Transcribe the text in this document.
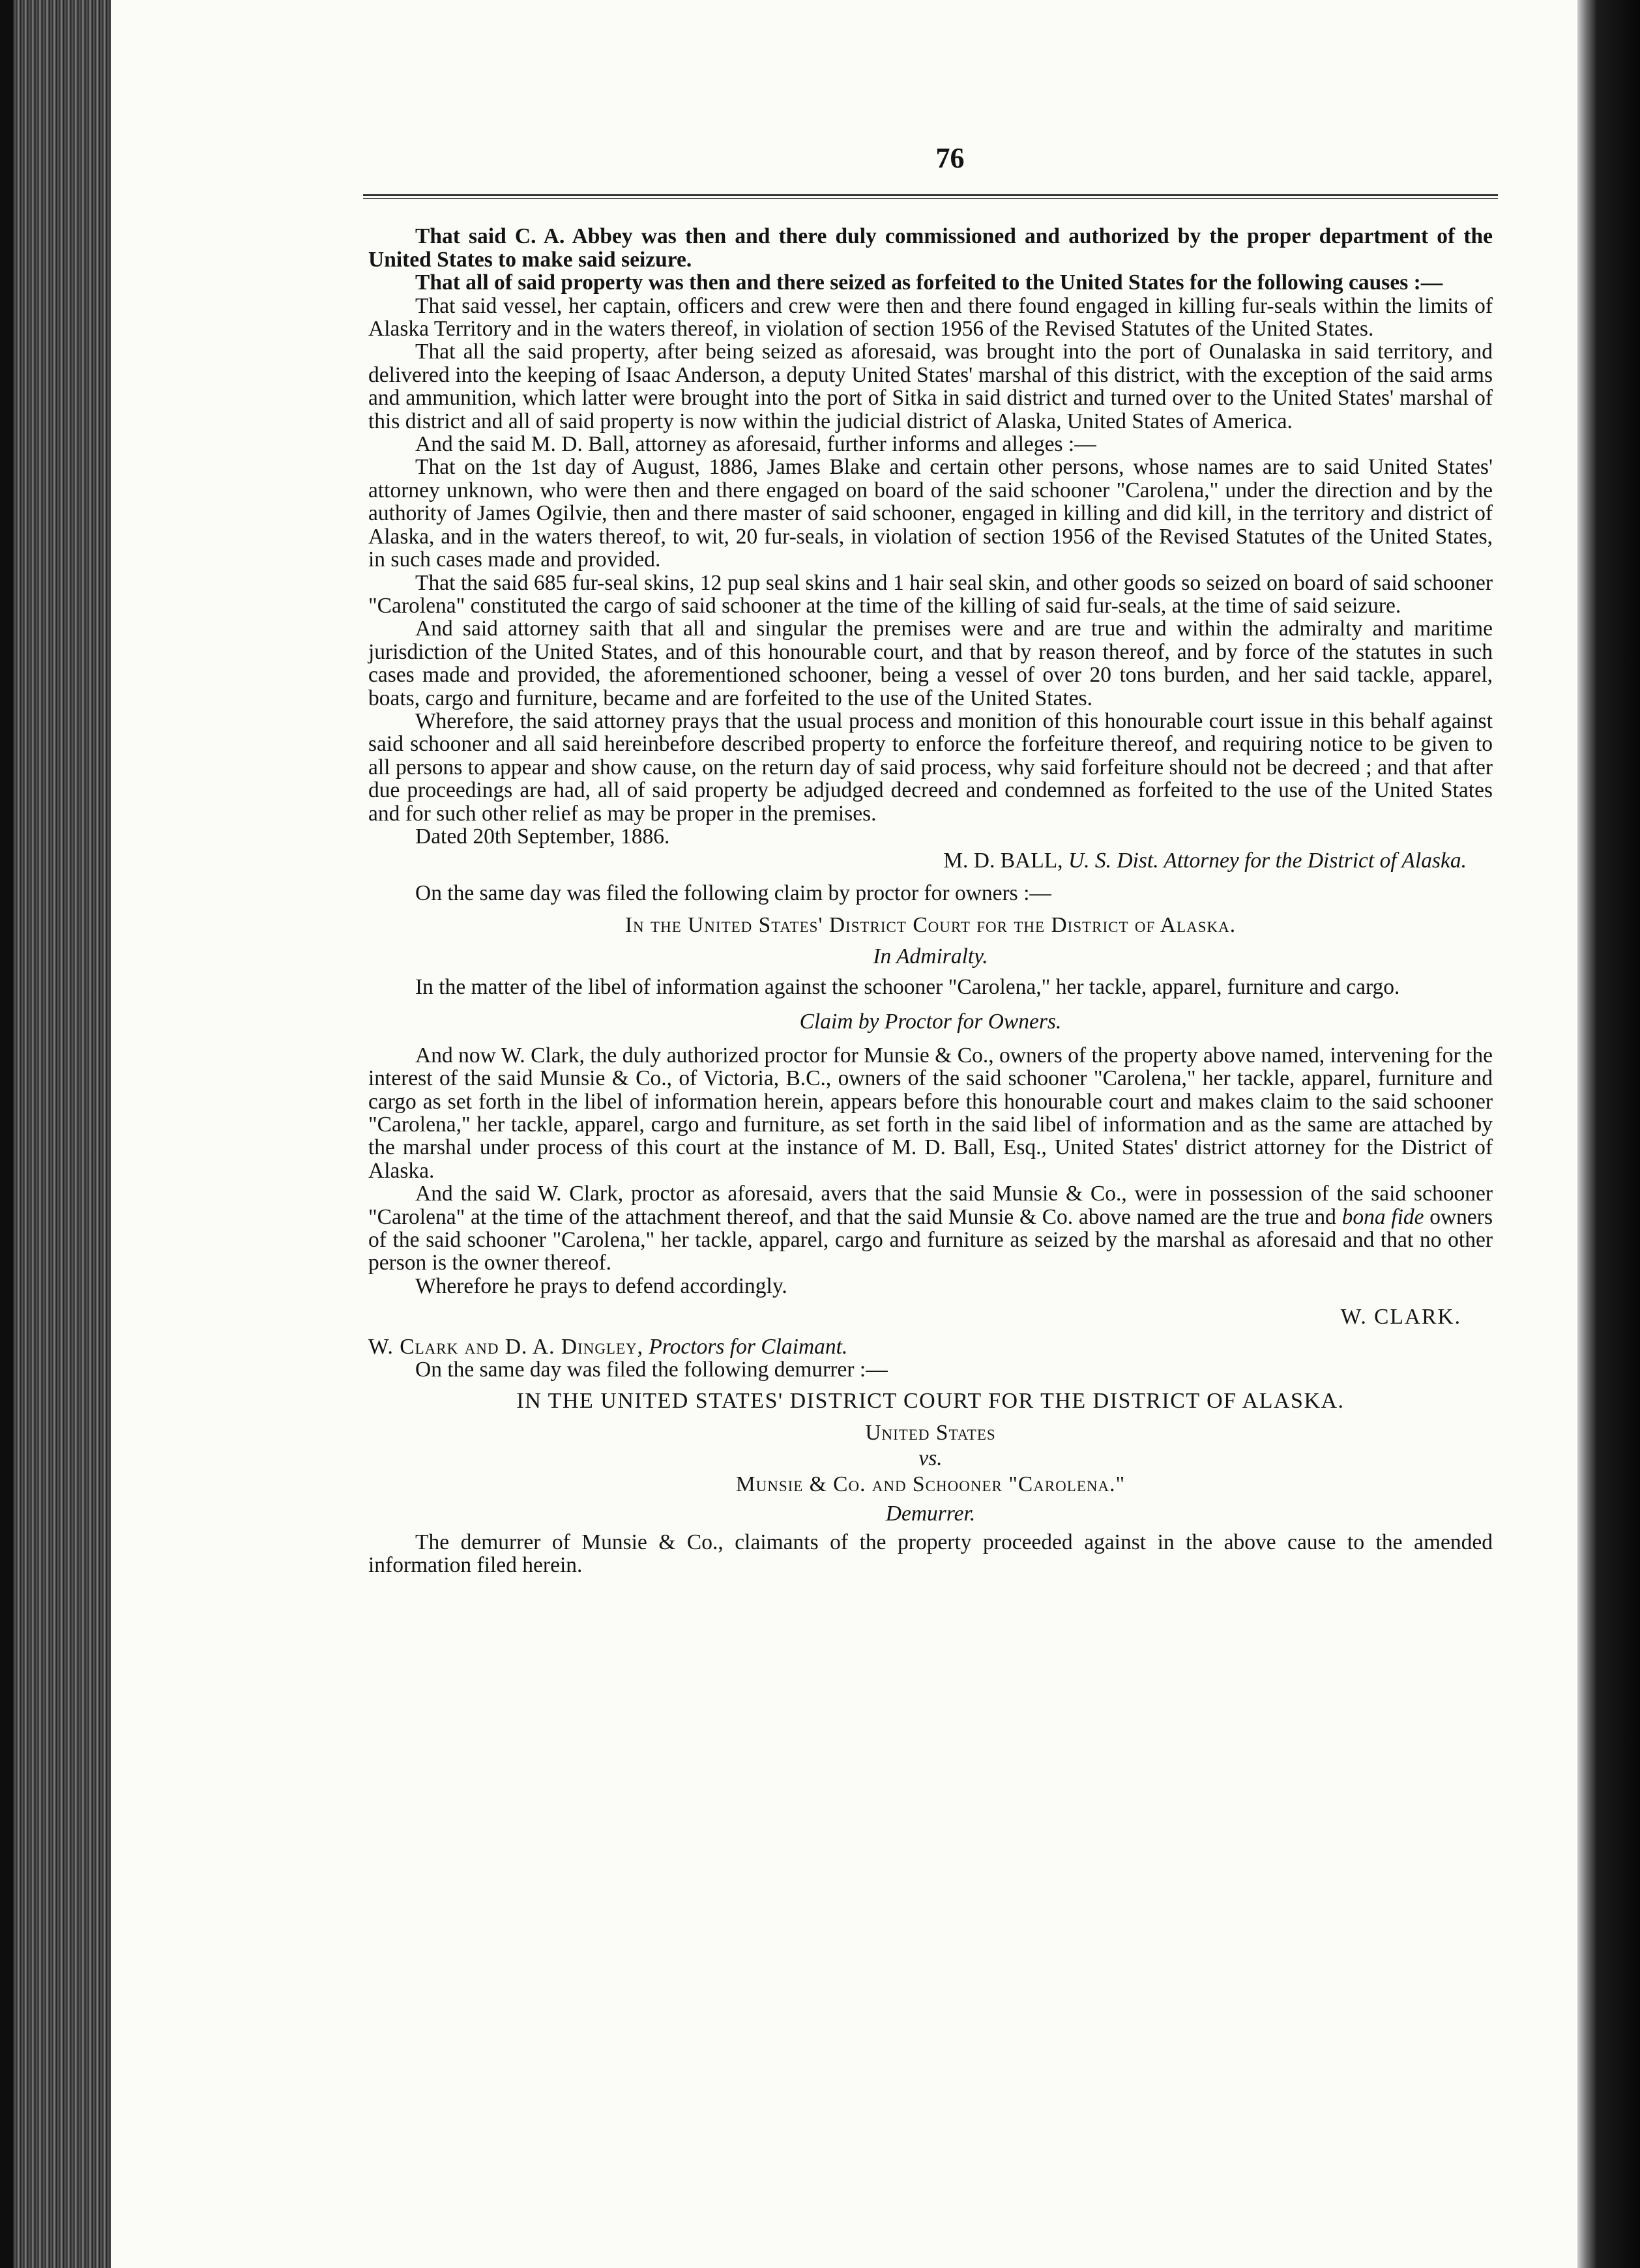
76

That said C. A. Abbey was then and there duly commissioned and authorized by the proper department of the United States to make said seizure.

That all of said property was then and there seized as forfeited to the United States for the following causes :—

That said vessel, her captain, officers and crew were then and there found engaged in killing fur-seals within the limits of Alaska Territory and in the waters thereof, in violation of section 1956 of the Revised Statutes of the United States.

That all the said property, after being seized as aforesaid, was brought into the port of Ounalaska in said territory, and delivered into the keeping of Isaac Anderson, a deputy United States' marshal of this district, with the exception of the said arms and ammunition, which latter were brought into the port of Sitka in said district and turned over to the United States' marshal of this district and all of said property is now within the judicial district of Alaska, United States of America.

And the said M. D. Ball, attorney as aforesaid, further informs and alleges :—

That on the 1st day of August, 1886, James Blake and certain other persons, whose names are to said United States' attorney unknown, who were then and there engaged on board of the said schooner "Carolena," under the direction and by the authority of James Ogilvie, then and there master of said schooner, engaged in killing and did kill, in the territory and district of Alaska, and in the waters thereof, to wit, 20 fur-seals, in violation of section 1956 of the Revised Statutes of the United States, in such cases made and provided.

That the said 685 fur-seal skins, 12 pup seal skins and 1 hair seal skin, and other goods so seized on board of said schooner "Carolena" constituted the cargo of said schooner at the time of the killing of said fur-seals, at the time of said seizure.

And said attorney saith that all and singular the premises were and are true and within the admiralty and maritime jurisdiction of the United States, and of this honourable court, and that by reason thereof, and by force of the statutes in such cases made and provided, the aforementioned schooner, being a vessel of over 20 tons burden, and her said tackle, apparel, boats, cargo and furniture, became and are forfeited to the use of the United States.

Wherefore, the said attorney prays that the usual process and monition of this honourable court issue in this behalf against said schooner and all said hereinbefore described property to enforce the forfeiture thereof, and requiring notice to be given to all persons to appear and show cause, on the return day of said process, why said forfeiture should not be decreed ; and that after due proceedings are had, all of said property be adjudged decreed and condemned as forfeited to the use of the United States and for such other relief as may be proper in the premises.

Dated 20th September, 1886.

M. D. BALL, U. S. Dist. Attorney for the District of Alaska.

On the same day was filed the following claim by proctor for owners :—

In the United States' District Court for the District of Alaska.
In Admiralty.

In the matter of the libel of information against the schooner "Carolena," her tackle, apparel, furniture and cargo.

Claim by Proctor for Owners.

And now W. Clark, the duly authorized proctor for Munsie & Co., owners of the property above named, intervening for the interest of the said Munsie & Co., of Victoria, B.C., owners of the said schooner "Carolena," her tackle, apparel, furniture and cargo as set forth in the libel of information herein, appears before this honourable court and makes claim to the said schooner "Carolena," her tackle, apparel, cargo and furniture, as set forth in the said libel of information and as the same are attached by the marshal under process of this court at the instance of M. D. Ball, Esq., United States' district attorney for the District of Alaska.

And the said W. Clark, proctor as aforesaid, avers that the said Munsie & Co., were in possession of the said schooner "Carolena" at the time of the attachment thereof, and that the said Munsie & Co. above named are the true and bona fide owners of the said schooner "Carolena," her tackle, apparel, cargo and furniture as seized by the marshal as aforesaid and that no other person is the owner thereof.

Wherefore he prays to defend accordingly.

W. CLARK.

W. Clark and D. A. Dingley, Proctors for Claimant.

On the same day was filed the following demurrer :—

IN THE UNITED STATES' DISTRICT COURT FOR THE DISTRICT OF ALASKA.
United States
vs.
Munsie & Co. and Schooner "Carolena."
Demurrer.

The demurrer of Munsie & Co., claimants of the property proceeded against in the above cause to the amended information filed herein.
